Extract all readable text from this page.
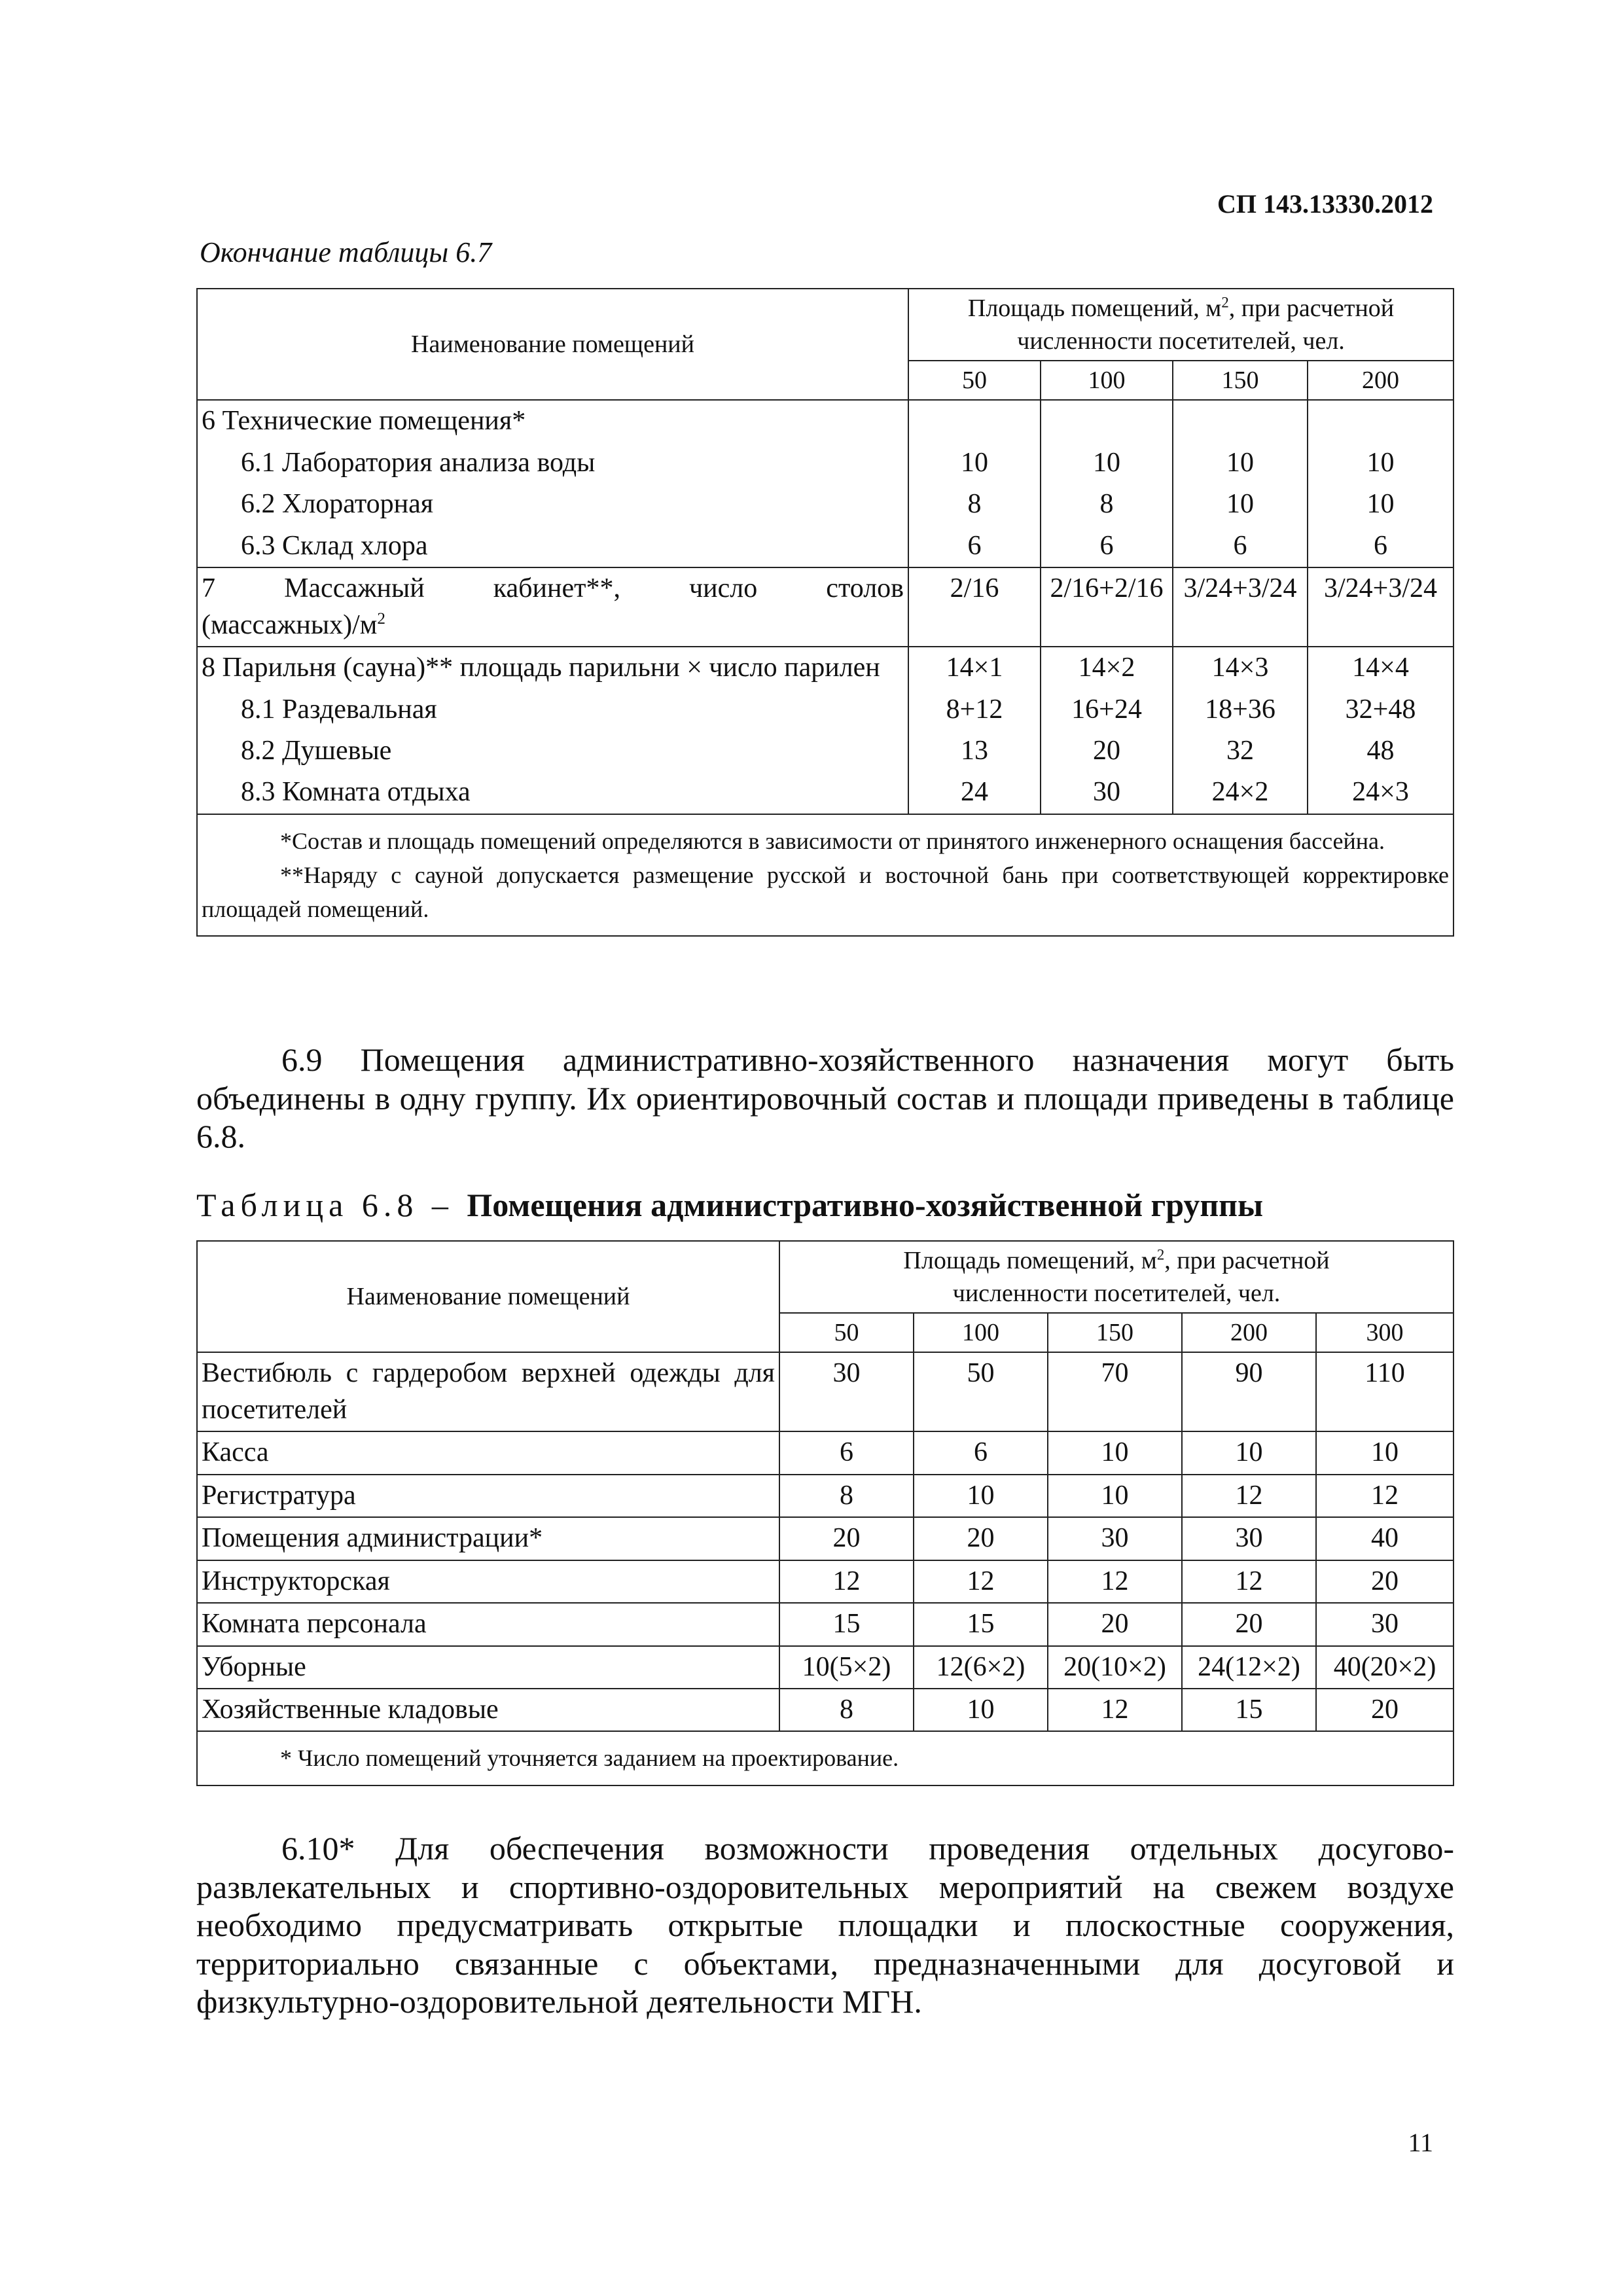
СП 143.13330.2012
Окончание таблицы 6.7
Наименование помещений	Площадь помещений, $м^2$, при расчетной
численности посетителей, чел.			
	50	100	150	200
6 Технические помещения*				
6.1 Лаборатория анализа воды	10	10	10	10
6.2 Хлораторная	8	8	10	10
6.3 Склад хлора	6	6	6	6

7 Массажный кабинет**, число столов
$(массажных)/м^2$	2/16	2/16+2/16	3/24+3/24	3/24+3/24
8 Парильня (сауна)** площадь парильни × число парилен	14×1	14×2	14×3	14×4
8.1 Раздевальная	8+12	16+24	18+36	32+48
8.2 Душевые	13	20	32	48
8.3 Комната отдыха	24	30	24×2	24×3

*Состав и площадь помещений определяются в зависимости от принятого инженерного оснащения бассейна.

**Наряду с сауной допускается размещение русской и восточной бань при соответствующей корректировке площадей помещений.				

6.9 Помещения административно-хозяйственного назначения могут быть объединены в одну группу. Их ориентировочный состав и площади приведены в таблице 6.8.
Таблица 6.8 – Помещения административно-хозяйственной группы
Наименование помещений	Площадь помещений, $м^2$, при расчетной
численности посетителей, чел.				
	50	100	150	200	300
Вестибюль с гардеробом верхней одежды для посетителей	30	50	70	90	110
Касса	6	6	10	10	10
Регистратура	8	10	10	12	12
Помещения администрации*	20	20	30	30	40
Инструкторская	12	12	12	12	20
Комната персонала	15	15	20	20	30
Уборные	10(5×2)	12(6×2)	20(10×2)	24(12×2)	40(20×2)
Хозяйственные кладовые	8	10	12	15	20

* Число помещений уточняется заданием на проектирование.					

6.10* Для обеспечения возможности проведения отдельных досугово-развлекательных и спортивно-оздоровительных мероприятий на свежем воздухе необходимо предусматривать открытые площадки и плоскостные сооружения, территориально связанные с объектами, предназначенными для досуговой и физкультурно-оздоровительной деятельности МГН.
11
